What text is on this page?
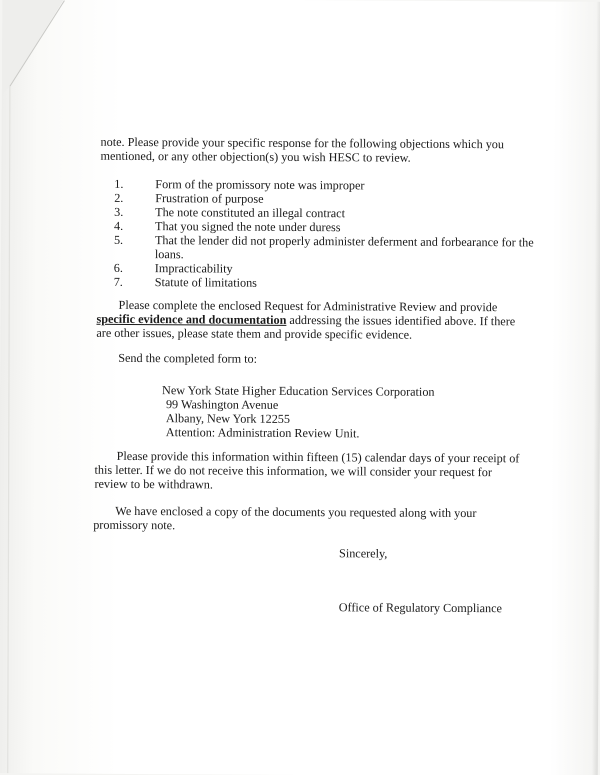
note. Please provide your specific response for the following objections which you mentioned, or any other objection(s) you wish HESC to review.

1.	Form of the promissory note was improper
2.	Frustration of purpose
3.	The note constituted an illegal contract
4.	That you signed the note under duress
5.	That the lender did not properly administer deferment and forbearance for the loans.
6.	Impracticability
7.	Statute of limitations

Please complete the enclosed Request for Administrative Review and provide specific evidence and documentation addressing the issues identified above. If there are other issues, please state them and provide specific evidence.

Send the completed form to:

New York State Higher Education Services Corporation
99 Washington Avenue
Albany, New York 12255
Attention: Administration Review Unit.

Please provide this information within fifteen (15) calendar days of your receipt of this letter. If we do not receive this information, we will consider your request for review to be withdrawn.

We have enclosed a copy of the documents you requested along with your promissory note.

Sincerely,

Office of Regulatory Compliance
